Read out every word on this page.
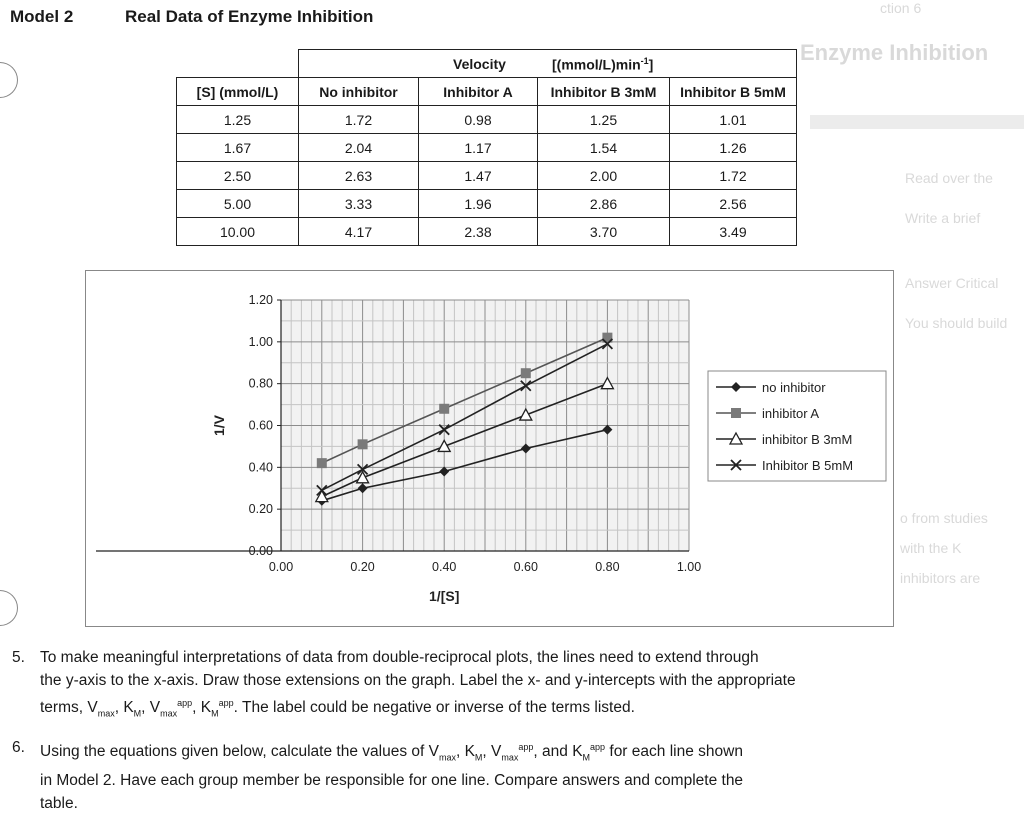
ction 6
Enzyme Inhibition
Read over the
Write a brief
Answer Critical
You should build
o from studies
with the K
inhibitors are
Model 2	Real Data of Enzyme Inhibition

	Velocity $[(mmol/L)\min^{-1}]$			

[S] (mmol/L)	No inhibitor	Inhibitor A	Inhibitor B 3mM	Inhibitor B 5mM
1.25	1.72	0.98	1.25	1.01
1.67	2.04	1.17	1.54	1.26
2.50	2.63	1.47	2.00	1.72
5.00	3.33	1.96	2.86	2.56
10.00	4.17	2.38	3.70	3.49
0.00
0.20
0.40
0.60
0.80
1.00
1.20
0.00	0.20	0.40	0.60	0.80	1.00
1/[S]
1/V
no inhibitor
inhibitor A
inhibitor B 3mM
Inhibitor B 5mM
5. To make meaningful interpretations of data from double-reciprocal plots, the lines need to extend through
the y-axis to the x-axis. Draw those extensions on the graph. Label the x- and y-intercepts with the appropriate
terms, $V_{max}$, $K_M$, $V_{max}^{app}$, $K_M^{app}$. The label could be negative or inverse of the terms listed.
6. Using the equations given below, calculate the values of $V_{max}$, $K_M$, $V_{max}^{app}$, and $K_M^{app}$ for each line shown
in Model 2. Have each group member be responsible for one line. Compare answers and complete the
table.
